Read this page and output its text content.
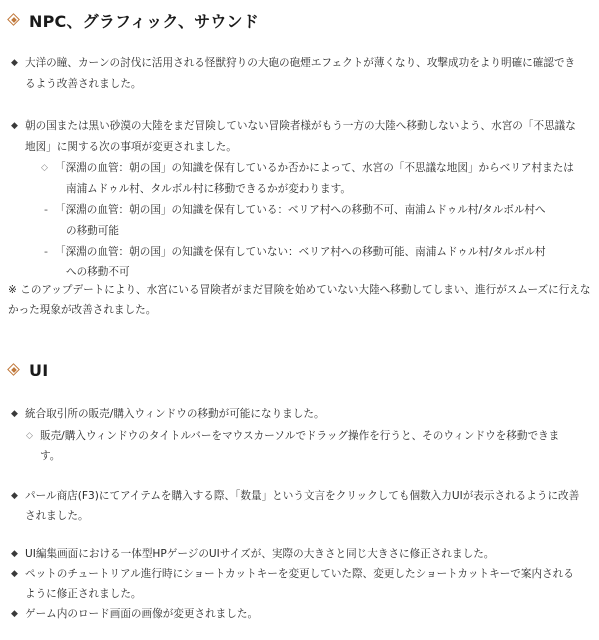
NPC、グラフィック、サウンド
◆ 大洋の瞳、カーンの討伐に活用される怪獣狩りの大砲の砲煙エフェクトが薄くなり、攻撃成功をより明確に確認でき
るよう改善されました。
◆ 朝の国または黒い砂漠の大陸をまだ冒険していない冒険者様がもう一方の大陸へ移動しないよう、水宮の「不思議な
地図」に関する次の事項が変更されました。
◇ 「深淵の血管：朝の国」の知識を保有しているか否かによって、水宮の「不思議な地図」からベリア村または
南浦ムドゥル村、タルボル村に移動できるかが変わります。
- 「深淵の血管：朝の国」の知識を保有している：ベリア村への移動不可、南浦ムドゥル村/タルボル村へ
の移動可能
- 「深淵の血管：朝の国」の知識を保有していない：ベリア村への移動可能、南浦ムドゥル村/タルボル村
への移動不可
※ このアップデートにより、水宮にいる冒険者がまだ冒険を始めていない大陸へ移動してしまい、進行がスムーズに行えな
かった現象が改善されました。
UI
◆ 統合取引所の販売/購入ウィンドウの移動が可能になりました。
◇ 販売/購入ウィンドウのタイトルバーをマウスカーソルでドラッグ操作を行うと、そのウィンドウを移動できま
す。
◆ パール商店(F3)にてアイテムを購入する際、「数量」という文言をクリックしても個数入力UIが表示されるように改善
されました。
◆ UI編集画面における一体型HPゲージのUIサイズが、実際の大きさと同じ大きさに修正されました。
◆ ペットのチュートリアル進行時にショートカットキーを変更していた際、変更したショートカットキーで案内される
ように修正されました。
◆ ゲーム内のロード画面の画像が変更されました。
